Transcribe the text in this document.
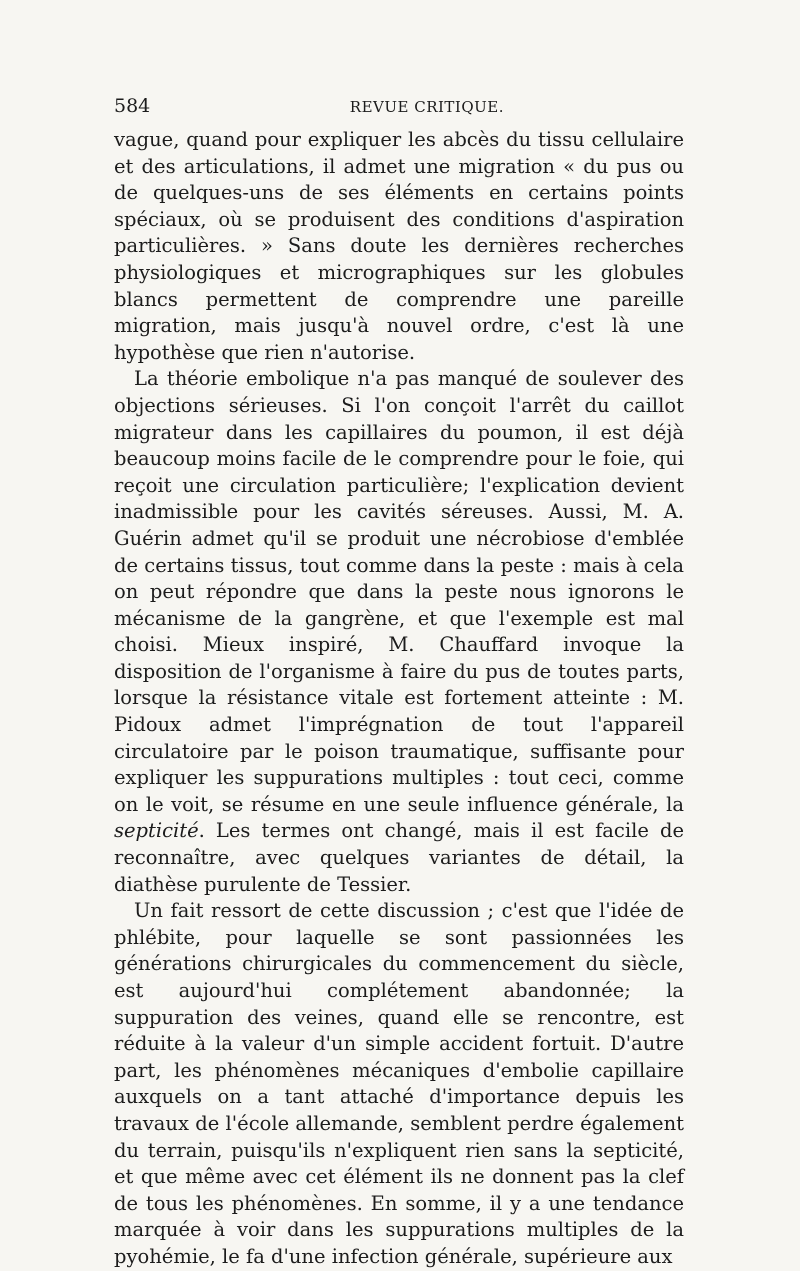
584	REVUE CRITIQUE.

vague, quand pour expliquer les abcès du tissu cellulaire et des articulations, il admet une migration « du pus ou de quelques-uns de ses éléments en certains points spéciaux, où se produisent des conditions d'aspiration particulières. » Sans doute les dernières recherches physiologiques et micrographiques sur les globules blancs permettent de comprendre une pareille migration, mais jusqu'à nouvel ordre, c'est là une hypothèse que rien n'autorise.

La théorie embolique n'a pas manqué de soulever des objections sérieuses. Si l'on conçoit l'arrêt du caillot migrateur dans les capillaires du poumon, il est déjà beaucoup moins facile de le comprendre pour le foie, qui reçoit une circulation particulière; l'explication devient inadmissible pour les cavités séreuses. Aussi, M. A. Guérin admet qu'il se produit une nécrobiose d'emblée de certains tissus, tout comme dans la peste : mais à cela on peut répondre que dans la peste nous ignorons le mécanisme de la gangrène, et que l'exemple est mal choisi. Mieux inspiré, M. Chauffard invoque la disposition de l'organisme à faire du pus de toutes parts, lorsque la résistance vitale est fortement atteinte : M. Pidoux admet l'imprégnation de tout l'appareil circulatoire par le poison traumatique, suffisante pour expliquer les suppurations multiples : tout ceci, comme on le voit, se résume en une seule influence générale, la septicité. Les termes ont changé, mais il est facile de reconnaître, avec quelques variantes de détail, la diathèse purulente de Tessier.

Un fait ressort de cette discussion ; c'est que l'idée de phlébite, pour laquelle se sont passionnées les générations chirurgicales du commencement du siècle, est aujourd'hui complétement abandonnée; la suppuration des veines, quand elle se rencontre, est réduite à la valeur d'un simple accident fortuit. D'autre part, les phénomènes mécaniques d'embolie capillaire auxquels on a tant attaché d'importance depuis les travaux de l'école allemande, semblent perdre également du terrain, puisqu'ils n'expliquent rien sans la septicité, et que même avec cet élément ils ne donnent pas la clef de tous les phénomènes. En somme, il y a une tendance marquée à voir dans les suppurations multiples de la pyohémie, le fa d'une infection générale, supérieure aux
